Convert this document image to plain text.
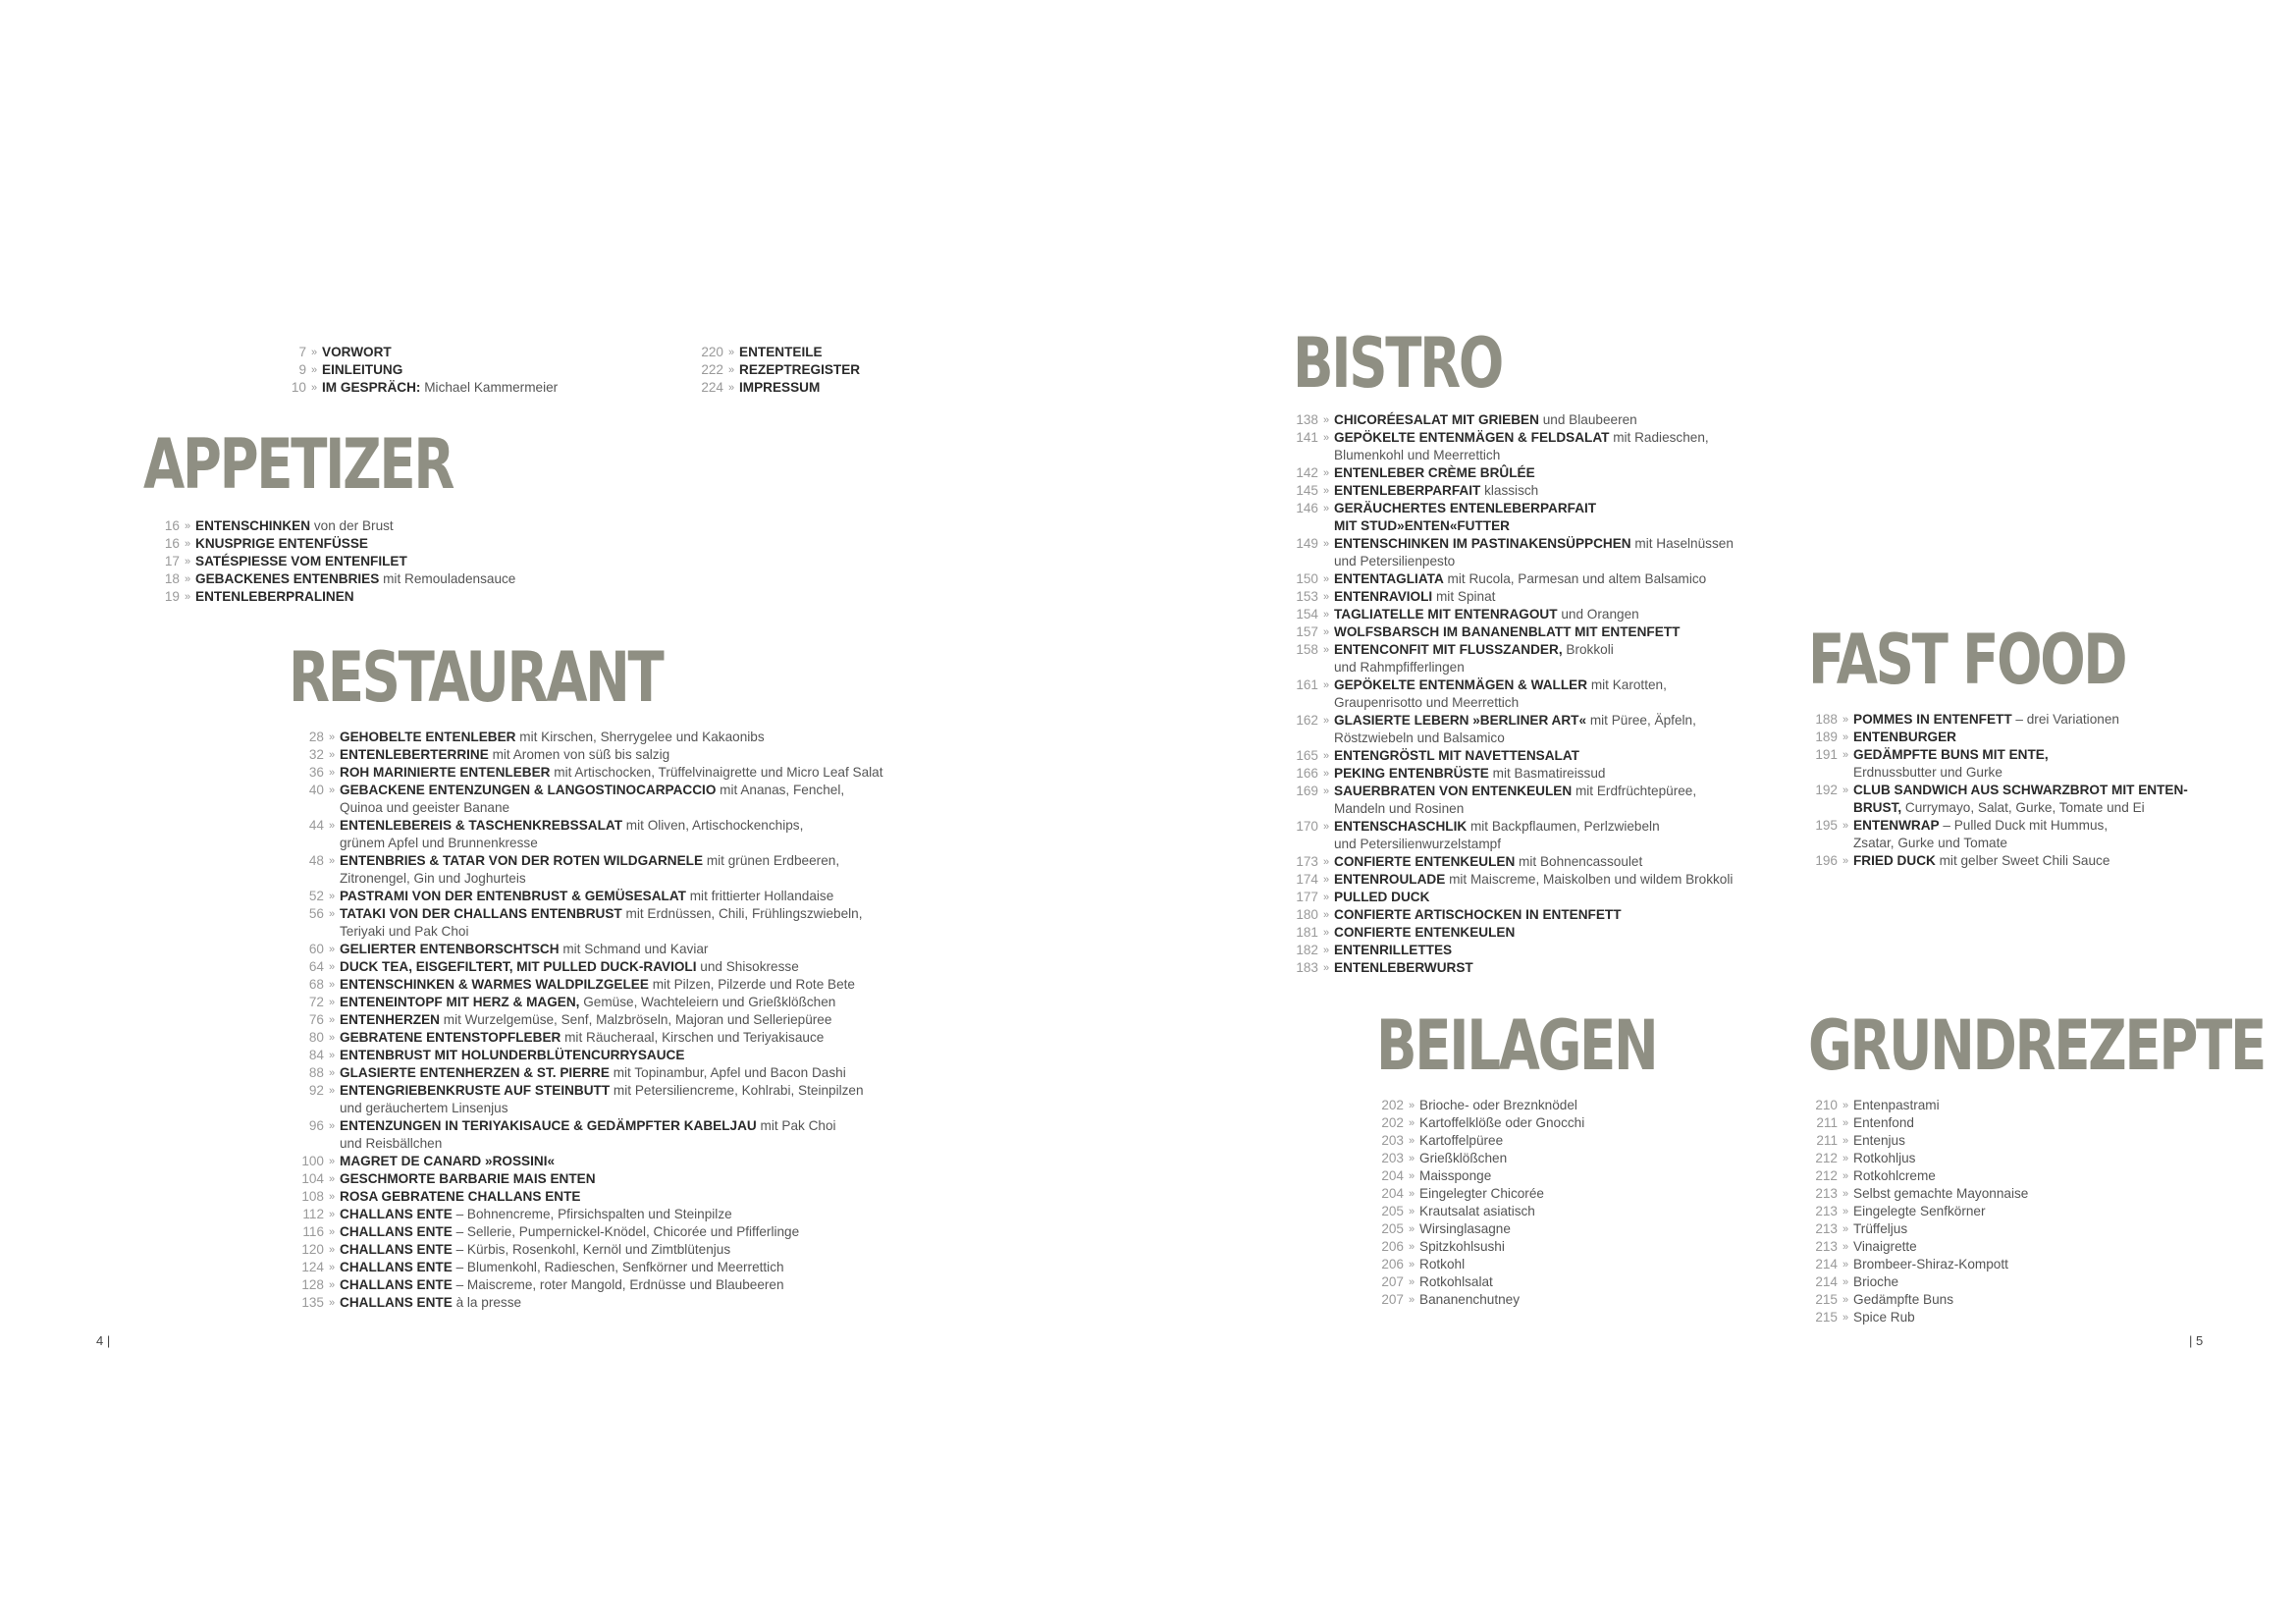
7 » VORWORT
9 » EINLEITUNG
10 » IM GESPRÄCH: Michael Kammermeier
220 » ENTENTEILE
222 » REZEPTREGISTER
224 » IMPRESSUM
APPETIZER
16 » ENTENSCHINKEN von der Brust
16 » KNUSPRIGE ENTENFÜSSE
17 » SATÉSPIESSE VOM ENTENFILET
18 » GEBACKENES ENTENBRIES mit Remouladensauce
19 » ENTENLEBERPRALINEN
RESTAURANT
28 » GEHOBELTE ENTENLEBER mit Kirschen, Sherrygelee und Kakaonibs
32 » ENTENLEBERTERRINE mit Aromen von süß bis salzig
36 » ROH MARINIERTE ENTENLEBER mit Artischocken, Trüffelvinaigrette und Micro Leaf Salat
40 » GEBACKENE ENTENZUNGEN & LANGOSTINOCARPACCIO mit Ananas, Fenchel,
Quinoa und geeister Banane
44 » ENTENLEBEREIS & TASCHENKREBSSALAT mit Oliven, Artischockenchips,
grünem Apfel und Brunnenkresse
48 » ENTENBRIES & TATAR VON DER ROTEN WILDGARNELE mit grünen Erdbeeren,
Zitronengel, Gin und Joghurteis
52 » PASTRAMI VON DER ENTENBRUST & GEMÜSESALAT mit frittierter Hollandaise
56 » TATAKI VON DER CHALLANS ENTENBRUST mit Erdnüssen, Chili, Frühlingszwiebeln,
Teriyaki und Pak Choi
60 » GELIERTER ENTENBORSCHTSCH mit Schmand und Kaviar
64 » DUCK TEA, EISGEFILTERT, MIT PULLED DUCK-RAVIOLI und Shisokresse
68 » ENTENSCHINKEN & WARMES WALDPILZGELEE mit Pilzen, Pilzerde und Rote Bete
72 » ENTENEINTOPF MIT HERZ & MAGEN, Gemüse, Wachteleiern und Grießklößchen
76 » ENTENHERZEN mit Wurzelgemüse, Senf, Malzbröseln, Majoran und Selleriepüree
80 » GEBRATENE ENTENSTOPFLEBER mit Räucheraal, Kirschen und Teriyakisauce
84 » ENTENBRUST MIT HOLUNDERBLÜTENCURRYSAUCE
88 » GLASIERTE ENTENHERZEN & ST. PIERRE mit Topinambur, Apfel und Bacon Dashi
92 » ENTENGRIEBENKRUSTE AUF STEINBUTT mit Petersiliencreme, Kohlrabi, Steinpilzen
und geräuchertem Linsenjus
96 » ENTENZUNGEN IN TERIYAKISAUCE & GEDÄMPFTER KABELJAU mit Pak Choi
und Reisbällchen
100 » MAGRET DE CANARD »ROSSINI«
104 » GESCHMORTE BARBARIE MAIS ENTEN
108 » ROSA GEBRATENE CHALLANS ENTE
112 » CHALLANS ENTE – Bohnencreme, Pfirsichspalten und Steinpilze
116 » CHALLANS ENTE – Sellerie, Pumpernickel-Knödel, Chicorée und Pfifferlinge
120 » CHALLANS ENTE – Kürbis, Rosenkohl, Kernöl und Zimtblütenjus
124 » CHALLANS ENTE – Blumenkohl, Radieschen, Senfkörner und Meerrettich
128 » CHALLANS ENTE – Maiscreme, roter Mangold, Erdnüsse und Blaubeeren
135 » CHALLANS ENTE à la presse
BISTRO
138 » CHICORÉESALAT MIT GRIEBEN und Blaubeeren
141 » GEPÖKELTE ENTENMÄGEN & FELDSALAT mit Radieschen,
Blumenkohl und Meerrettich
142 » ENTENLEBER CRÈME BRÛLÉE
145 » ENTENLEBERPARFAIT klassisch
146 » GERÄUCHERTES ENTENLEBERPARFAIT
MIT STUD»ENTEN«FUTTER
149 » ENTENSCHINKEN IM PASTINAKENSÜPPCHEN mit Haselnüssen
und Petersilienpesto
150 » ENTENTAGLIATA mit Rucola, Parmesan und altem Balsamico
153 » ENTENRAVIOLI mit Spinat
154 » TAGLIATELLE MIT ENTENRAGOUT und Orangen
157 » WOLFSBARSCH IM BANANENBLATT MIT ENTENFETT
158 » ENTENCONFIT MIT FLUSSZANDER, Brokkoli
und Rahmpfifferlingen
161 » GEPÖKELTE ENTENMÄGEN & WALLER mit Karotten,
Graupenrisotto und Meerrettich
162 » GLASIERTE LEBERN »BERLINER ART« mit Püree, Äpfeln,
Röstzwiebeln und Balsamico
165 » ENTENGRÖSTL MIT NAVETTENSALAT
166 » PEKING ENTENBRÜSTE mit Basmatireissud
169 » SAUERBRATEN VON ENTENKEULEN mit Erdfrüchtepüree,
Mandeln und Rosinen
170 » ENTENSCHASCHLIK mit Backpflaumen, Perlzwiebeln
und Petersilienwurzelstampf
173 » CONFIERTE ENTENKEULEN mit Bohnencassoulet
174 » ENTENROULADE mit Maiscreme, Maiskolben und wildem Brokkoli
177 » PULLED DUCK
180 » CONFIERTE ARTISCHOCKEN IN ENTENFETT
181 » CONFIERTE ENTENKEULEN
182 » ENTENRILLETTES
183 » ENTENLEBERWURST
FAST FOOD
188 » POMMES IN ENTENFETT – drei Variationen
189 » ENTENBURGER
191 » GEDÄMPFTE BUNS MIT ENTE,
Erdnussbutter und Gurke
192 » CLUB SANDWICH AUS SCHWARZBROT MIT ENTEN-
BRUST, Currymayo, Salat, Gurke, Tomate und Ei
195 » ENTENWRAP – Pulled Duck mit Hummus,
Zsatar, Gurke und Tomate
196 » FRIED DUCK mit gelber Sweet Chili Sauce
BEILAGEN
202 » Brioche- oder Breznknödel
202 » Kartoffelklöße oder Gnocchi
203 » Kartoffelpüree
203 » Grießklößchen
204 » Maissponge
204 » Eingelegter Chicorée
205 » Krautsalat asiatisch
205 » Wirsinglasagne
206 » Spitzkohlsushi
206 » Rotkohl
207 » Rotkohlsalat
207 » Bananenchutney
GRUNDREZEPTE
210 » Entenpastrami
211 » Entenfond
211 » Entenjus
212 » Rotkohljus
212 » Rotkohlcreme
213 » Selbst gemachte Mayonnaise
213 » Eingelegte Senfkörner
213 » Trüffeljus
213 » Vinaigrette
214 » Brombeer-Shiraz-Kompott
214 » Brioche
215 » Gedämpfte Buns
215 » Spice Rub
4 |	| 5
